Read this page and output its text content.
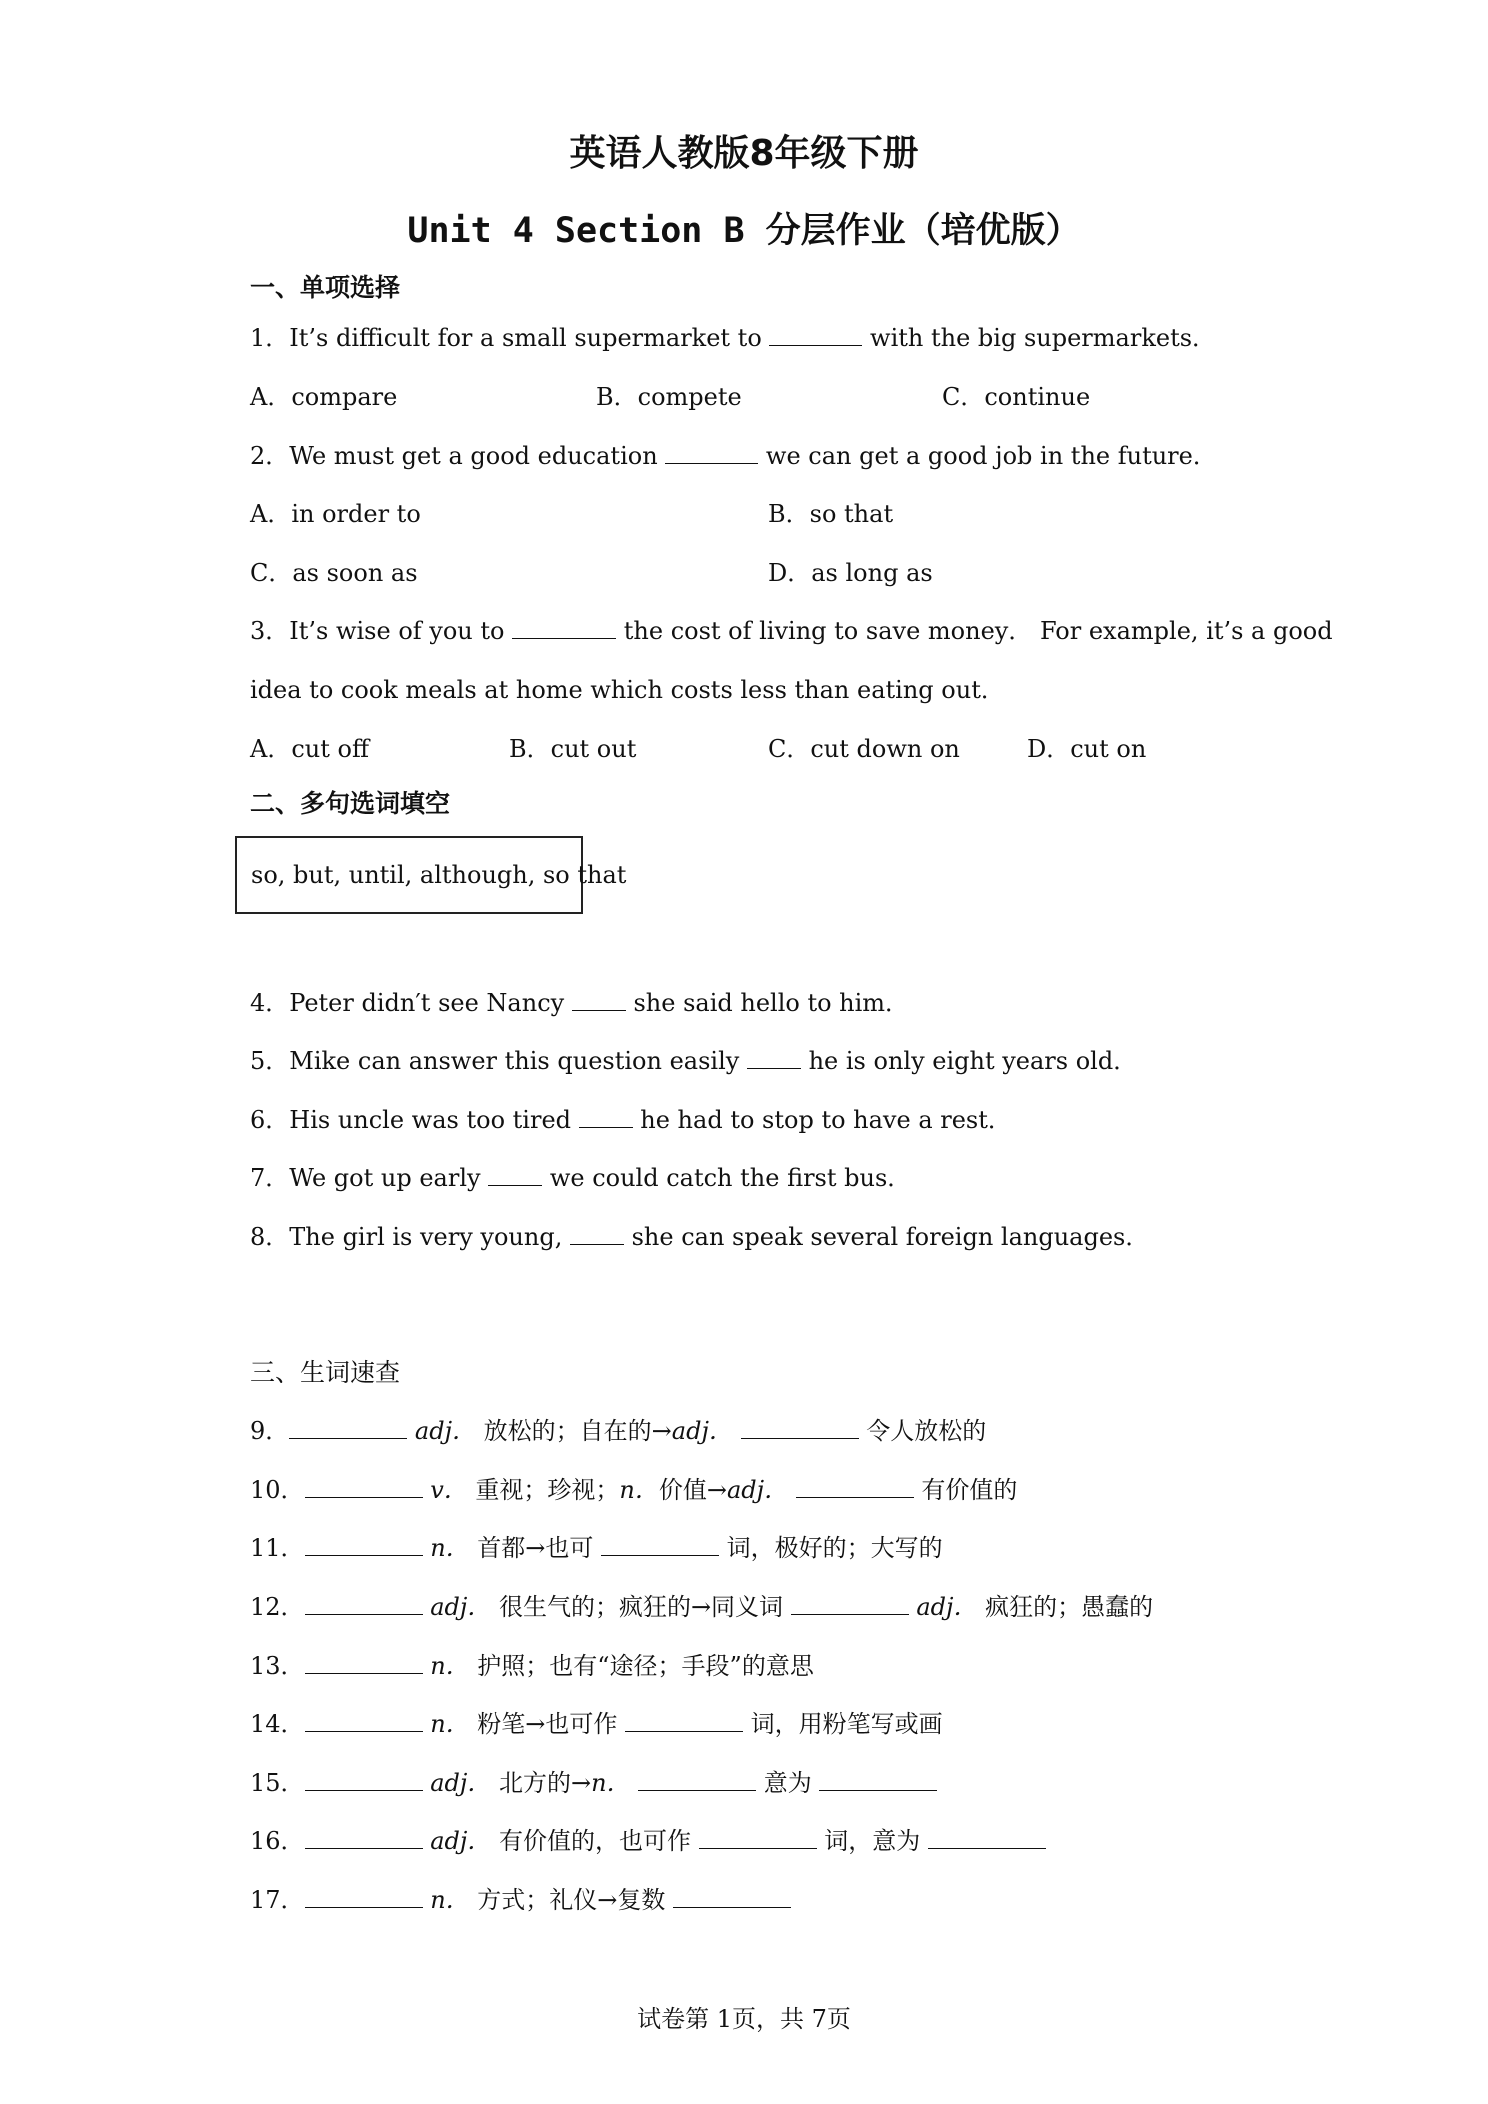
英语人教版8年级下册
Unit 4 Section B 分层作业（培优版）
一、单项选择
1．It’s difficult for a small supermarket to	with the big supermarkets．
A．compare	B．compete	C．continue
2．We must get a good education	we can get a good job in the future．
A．in order to	B．so that
C．as soon as	D．as long as
3．It’s wise of you to	the cost of living to save money． For example, it’s a good
idea to cook meals at home which costs less than eating out．
A．cut off	B．cut out	C．cut down on	D．cut on
二、多句选词填空
so, but, until, although, so that
4．Peter didn′t see Nancy  she said hello to him．
5．Mike can answer this question easily  he is only eight years old．
6．His uncle was too tired  he had to stop to have a rest．
7．We got up early  we could catch the first bus．
8．The girl is very young,  she can speak several foreign languages．
三、生词速查
9．	adj． 放松的；自在的→adj．	令人放松的
10．	v． 重视；珍视；n．价值→adj．	有价值的
11．	n． 首都→也可	词，极好的；大写的
12．	adj． 很生气的；疯狂的→同义词	adj． 疯狂的；愚蠢的
13．	n． 护照；也有“途径；手段”的意思
14．	n． 粉笔→也可作	词，用粉笔写或画
15．	adj． 北方的→n．	意为
16．	adj． 有价值的，也可作	词，意为
17．	n． 方式；礼仪→复数
试卷第 1页，共 7页
